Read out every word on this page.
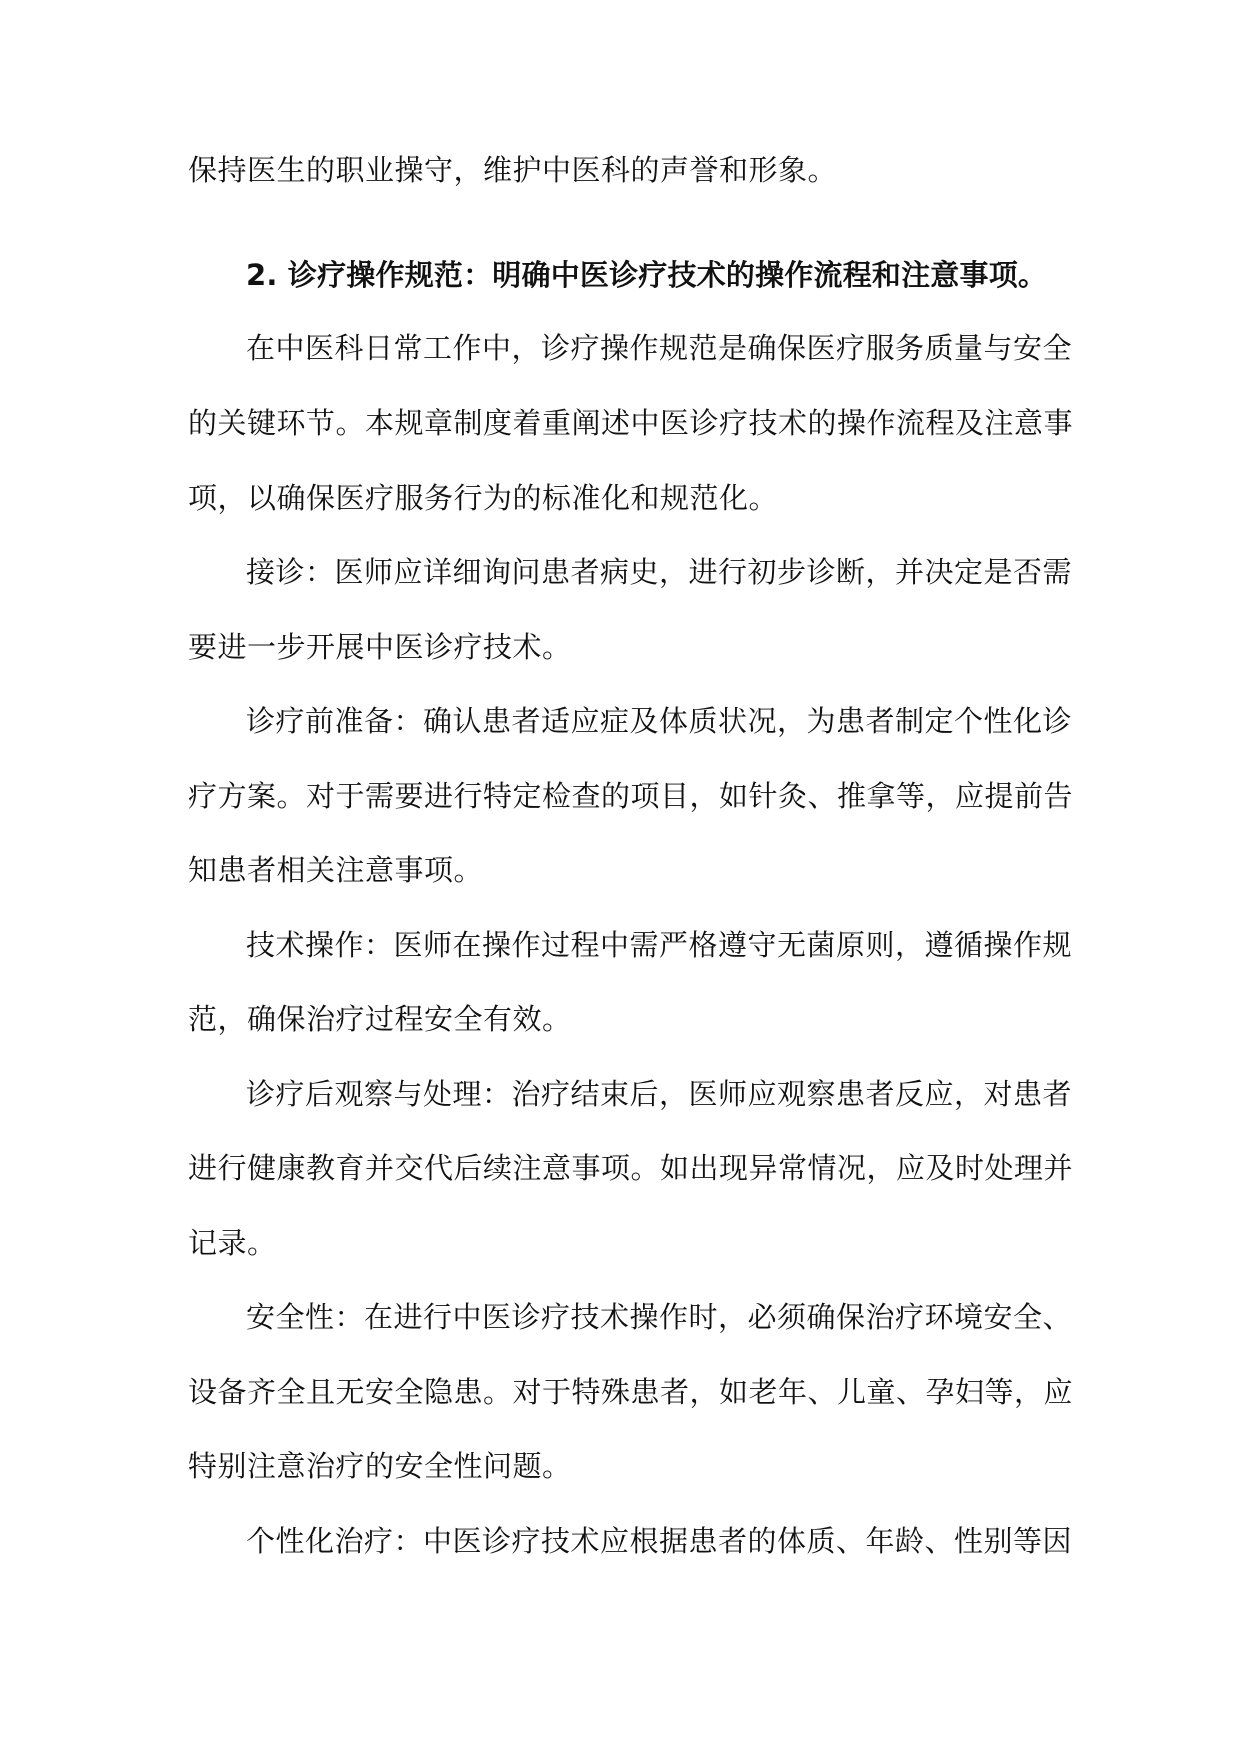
保持医生的职业操守，维护中医科的声誉和形象。
2. 诊疗操作规范：明确中医诊疗技术的操作流程和注意事项。
在中医科日常工作中，诊疗操作规范是确保医疗服务质量与安全
的关键环节。本规章制度着重阐述中医诊疗技术的操作流程及注意事
项，以确保医疗服务行为的标准化和规范化。
接诊：医师应详细询问患者病史，进行初步诊断，并决定是否需
要进一步开展中医诊疗技术。
诊疗前准备：确认患者适应症及体质状况，为患者制定个性化诊
疗方案。对于需要进行特定检查的项目，如针灸、推拿等，应提前告
知患者相关注意事项。
技术操作：医师在操作过程中需严格遵守无菌原则，遵循操作规
范，确保治疗过程安全有效。
诊疗后观察与处理：治疗结束后，医师应观察患者反应，对患者
进行健康教育并交代后续注意事项。如出现异常情况，应及时处理并
记录。
安全性：在进行中医诊疗技术操作时，必须确保治疗环境安全、
设备齐全且无安全隐患。对于特殊患者，如老年、儿童、孕妇等，应
特别注意治疗的安全性问题。
个性化治疗：中医诊疗技术应根据患者的体质、年龄、性别等因
